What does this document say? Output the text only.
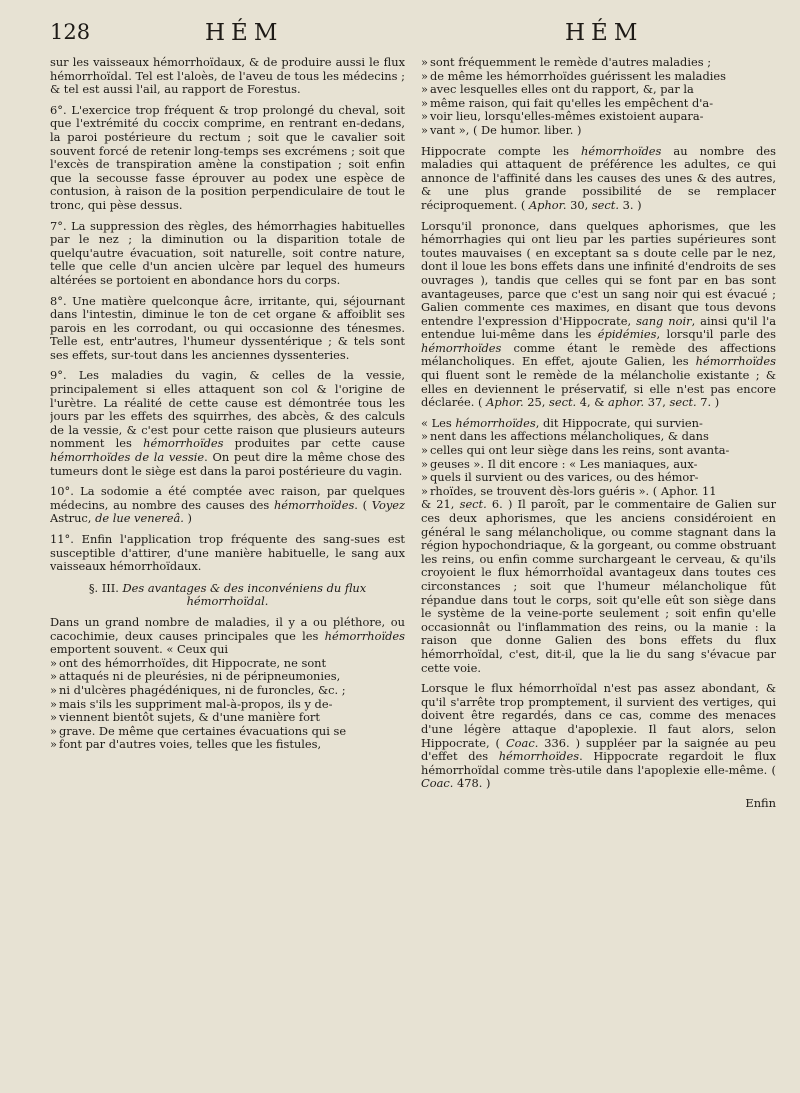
128	HÉM	HÉM

sur les vaisseaux hémorrhoïdaux, & de produire aussi le flux hémorrhoïdal. Tel est l'aloès, de l'aveu de tous les médecins ; & tel est aussi l'ail, au rapport de Forestus.

6°. L'exercice trop fréquent & trop prolongé du cheval, soit que l'extrémité du coccix comprime, en rentrant en-dedans, la paroi postérieure du rectum ; soit que le cavalier soit souvent forcé de retenir long-temps ses excrémens ; soit que l'excès de transpiration amène la constipation ; soit enfin que la secousse fasse éprouver au podex une espèce de contusion, à raison de la position perpendiculaire de tout le tronc, qui pèse dessus.

7°. La suppression des règles, des hémorrhagies habituelles par le nez ; la diminution ou la disparition totale de quelqu'autre évacuation, soit naturelle, soit contre nature, telle que celle d'un ancien ulcère par lequel des humeurs altérées se portoient en abondance hors du corps.

8°. Une matière quelconque âcre, irritante, qui, séjournant dans l'intestin, diminue le ton de cet organe & affoiblit ses parois en les corrodant, ou qui occasionne des ténesmes. Telle est, entr'autres, l'humeur dyssentérique ; & tels sont ses effets, sur-tout dans les anciennes dyssenteries.

9°. Les maladies du vagin, & celles de la vessie, principalement si elles attaquent son col & l'origine de l'urètre. La réalité de cette cause est démontrée tous les jours par les effets des squirrhes, des abcès, & des calculs de la vessie, & c'est pour cette raison que plusieurs auteurs nomment les hémorrhoïdes produites par cette cause hémorrhoïdes de la vessie. On peut dire la même chose des tumeurs dont le siège est dans la paroi postérieure du vagin.

10°. La sodomie a été comptée avec raison, par quelques médecins, au nombre des causes des hémorrhoïdes. ( Voyez Astruc, de lue venereâ. )

11°. Enfin l'application trop fréquente des sang-sues est susceptible d'attirer, d'une manière habituelle, le sang aux vaisseaux hémorrhoïdaux.

§. III. Des avantages & des inconvéniens du flux hémorrhoïdal.

Dans un grand nombre de maladies, il y a ou pléthore, ou cacochimie, deux causes principales que les hémorrhoïdes emportent souvent. « Ceux qui

» ont des hémorrhoïdes, dit Hippocrate, ne sont
» attaqués ni de pleurésies, ni de péripneumonies,
» ni d'ulcères phagédéniques, ni de furoncles, &c. ;
» mais s'ils les suppriment mal-à-propos, ils y de-
» viennent bientôt sujets, & d'une manière fort
» grave. De même que certaines évacuations qui se
» font par d'autres voies, telles que les fistules,
» sont fréquemment le remède d'autres maladies ;
» de même les hémorrhoïdes guérissent les maladies
» avec lesquelles elles ont du rapport, &, par la
» même raison, qui fait qu'elles les empêchent d'a-
» voir lieu, lorsqu'elles-mêmes existoient aupara-
» vant », ( De humor. liber. )

Hippocrate compte les hémorrhoïdes au nombre des maladies qui attaquent de préférence les adultes, ce qui annonce de l'affinité dans les causes des unes & des autres, & une plus grande possibilité de se remplacer réciproquement. ( Aphor. 30, sect. 3. )

Lorsqu'il prononce, dans quelques aphorismes, que les hémorrhagies qui ont lieu par les parties supérieures sont toutes mauvaises ( en exceptant sa s doute celle par le nez, dont il loue les bons effets dans une infinité d'endroits de ses ouvrages ), tandis que celles qui se font par en bas sont avantageuses, parce que c'est un sang noir qui est évacué ; Galien commente ces maximes, en disant que tous devons entendre l'expression d'Hippocrate, sang noir, ainsi qu'il l'a entendue lui-même dans les épidémies, lorsqu'il parle des hémorrhoïdes comme étant le remède des affections mélancholiques. En effet, ajoute Galien, les hémorrhoïdes qui fluent sont le remède de la mélancholie existante ; & elles en deviennent le préservatif, si elle n'est pas encore déclarée. ( Aphor. 25, sect. 4, & aphor. 37, sect. 7. )

« Les hémorrhoïdes, dit Hippocrate, qui survien-

» nent dans les affections mélancholiques, & dans
» celles qui ont leur siège dans les reins, sont avanta-
» geuses ». Il dit encore : « Les maniaques, aux-
» quels il survient ou des varices, ou des hémor-
» rhoïdes, se trouvent dès-lors guéris ». ( Aphor. 11

& 21, sect. 6. ) Il paroît, par le commentaire de Galien sur ces deux aphorismes, que les anciens considéroient en général le sang mélancholique, ou comme stagnant dans la région hypochondriaque, & la gorgeant, ou comme obstruant les reins, ou enfin comme surchargeant le cerveau, & qu'ils croyoient le flux hémorrhoïdal avantageux dans toutes ces circonstances ; soit que l'humeur mélancholique fût répandue dans tout le corps, soit qu'elle eût son siège dans le système de la veine-porte seulement ; soit enfin qu'elle occasionnât ou l'inflammation des reins, ou la manie : la raison que donne Galien des bons effets du flux hémorrhoïdal, c'est, dit-il, que la lie du sang s'évacue par cette voie.

Lorsque le flux hémorrhoïdal n'est pas assez abondant, & qu'il s'arrête trop promptement, il survient des vertiges, qui doivent être regardés, dans ce cas, comme des menaces d'une légère attaque d'apoplexie. Il faut alors, selon Hippocrate, ( Coac. 336. ) suppléer par la saignée au peu d'effet des hémorrhoïdes. Hippocrate regardoit le flux hémorrhoïdal comme très-utile dans l'apoplexie elle-même. ( Coac. 478. )

Enfin
